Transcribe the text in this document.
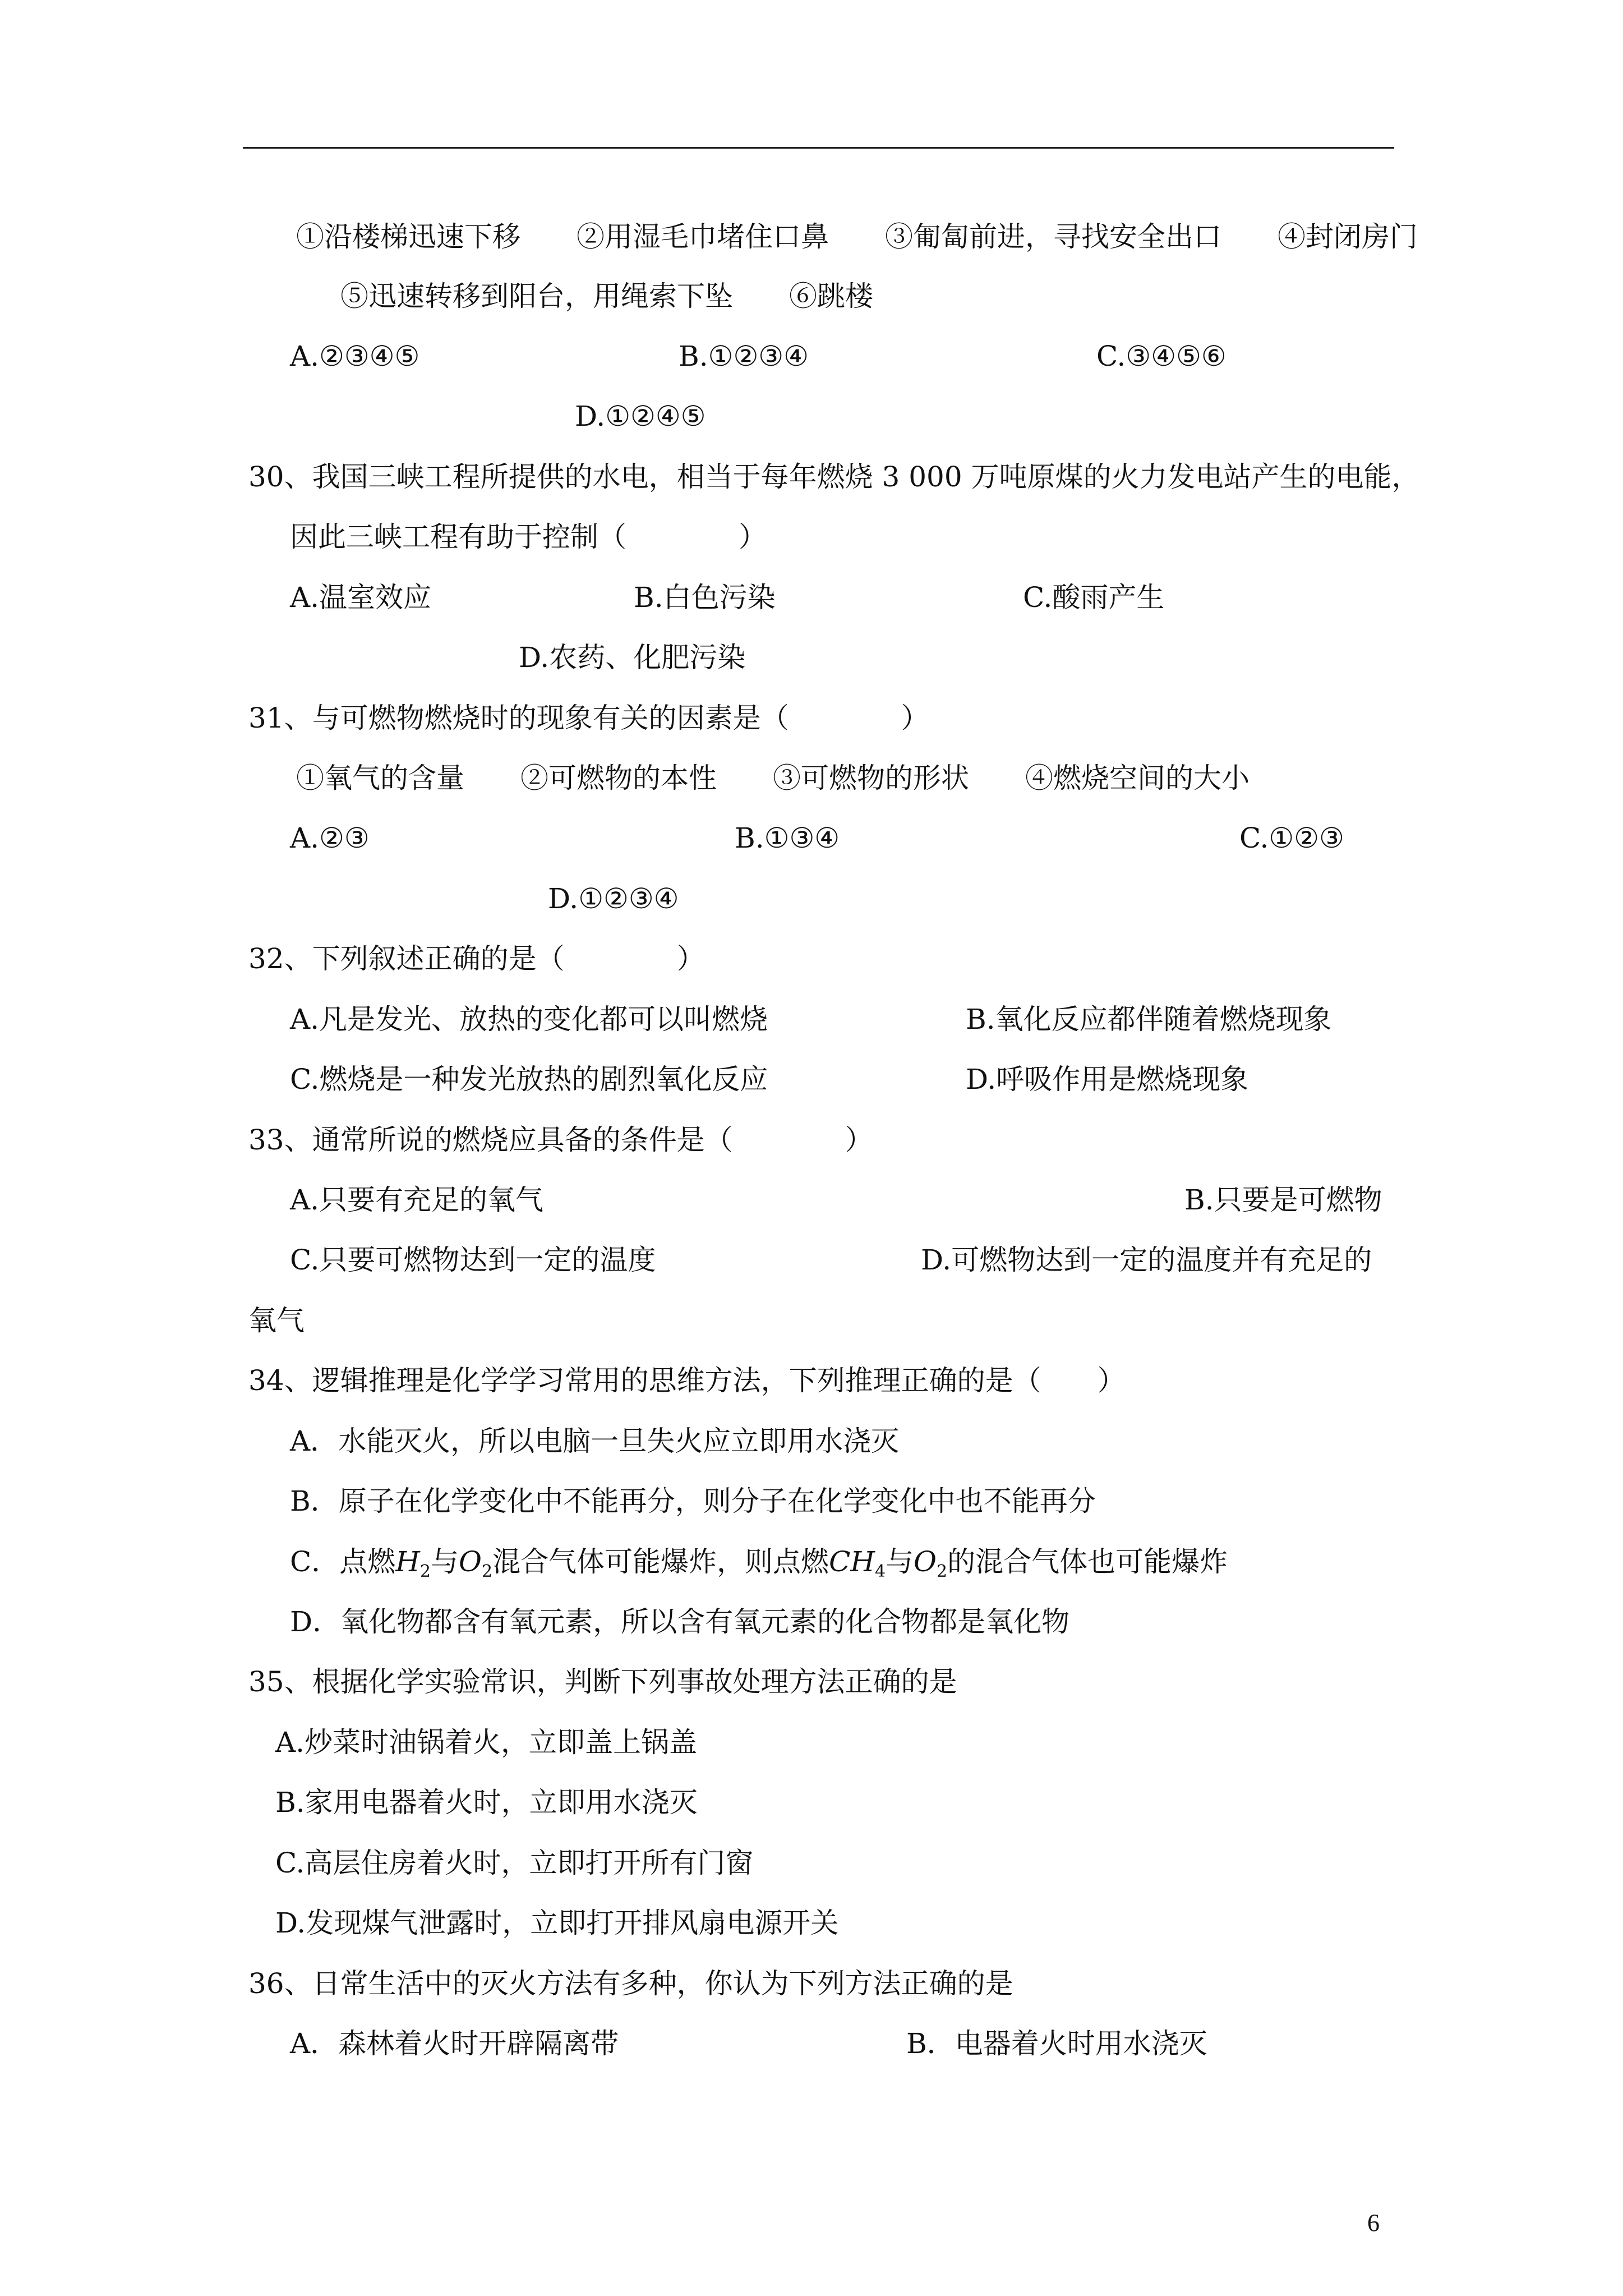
①沿楼梯迅速下移　　②用湿毛巾堵住口鼻　　③匍匐前进，寻找安全出口　　④封闭房门
⑤迅速转移到阳台，用绳索下坠　　⑥跳楼
A.②③④⑤	B.①②③④	C.③④⑤⑥
D.①②④⑤
30、我国三峡工程所提供的水电，相当于每年燃烧 3 000 万吨原煤的火力发电站产生的电能，
因此三峡工程有助于控制（　　　　）
A.温室效应	B.白色污染	C.酸雨产生
D.农药、化肥污染
31、与可燃物燃烧时的现象有关的因素是（　　　　）
①氧气的含量　　②可燃物的本性　　③可燃物的形状　　④燃烧空间的大小
A.②③	B.①③④	C.①②③
D.①②③④
32、下列叙述正确的是（　　　　）
A.凡是发光、放热的变化都可以叫燃烧	B.氧化反应都伴随着燃烧现象
C.燃烧是一种发光放热的剧烈氧化反应	D.呼吸作用是燃烧现象
33、通常所说的燃烧应具备的条件是（　　　　）
A.只要有充足的氧气	B.只要是可燃物
C.只要可燃物达到一定的温度	D.可燃物达到一定的温度并有充足的
氧气
34、逻辑推理是化学学习常用的思维方法，下列推理正确的是（　　）
A．水能灭火，所以电脑一旦失火应立即用水浇灭
B．原子在化学变化中不能再分，则分子在化学变化中也不能再分
C．点燃$H_2$与$O_2$混合气体可能爆炸，则点燃$CH_4$与$O_2$的混合气体也可能爆炸
D．氧化物都含有氧元素，所以含有氧元素的化合物都是氧化物
35、根据化学实验常识，判断下列事故处理方法正确的是
A.炒菜时油锅着火，立即盖上锅盖
B.家用电器着火时，立即用水浇灭
C.高层住房着火时，立即打开所有门窗
D.发现煤气泄露时，立即打开排风扇电源开关
36、日常生活中的灭火方法有多种，你认为下列方法正确的是
A．森林着火时开辟隔离带	B．电器着火时用水浇灭
6
